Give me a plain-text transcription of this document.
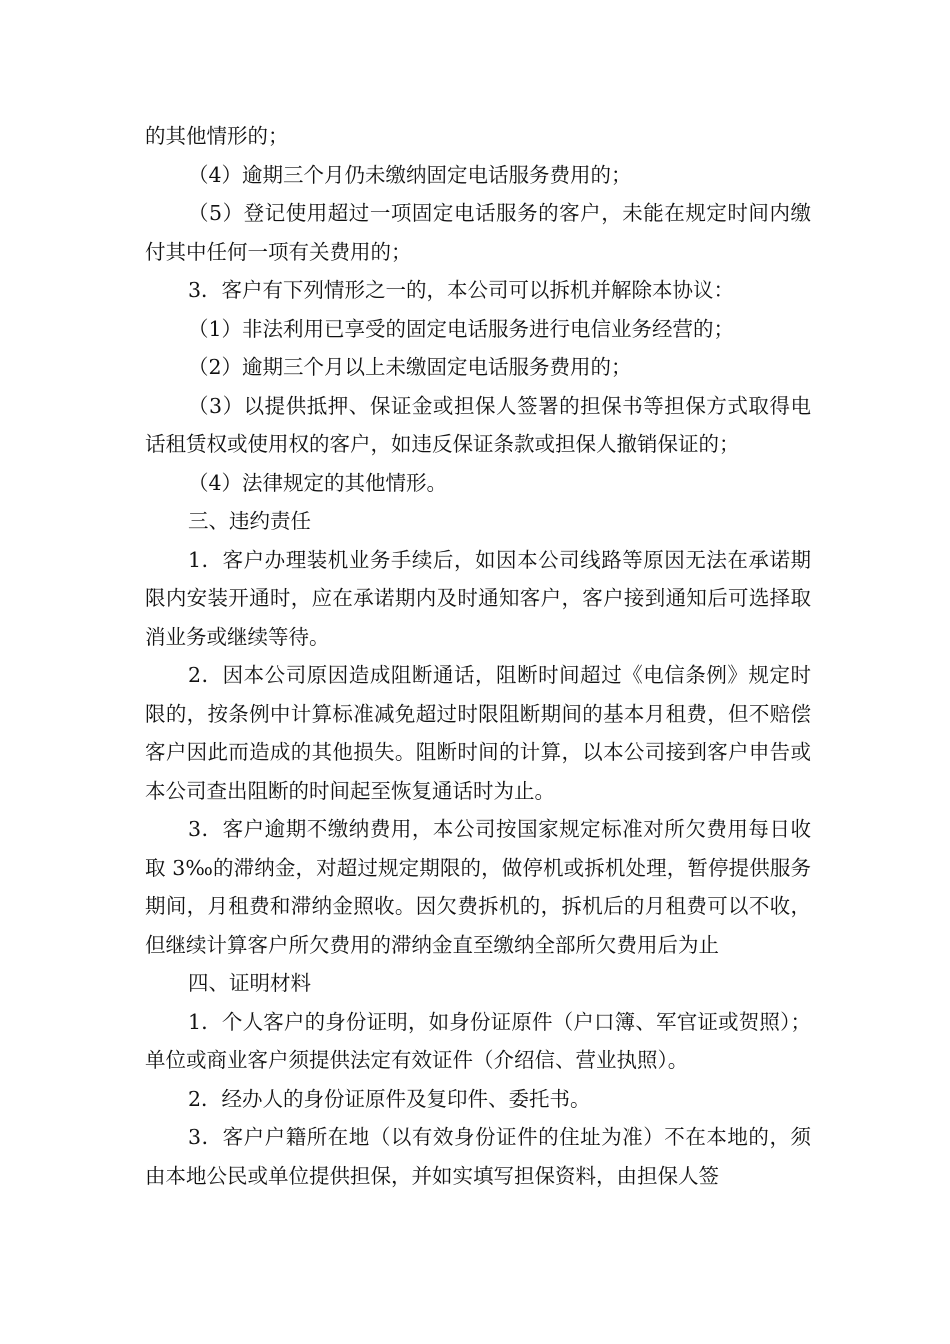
的其他情形的；

（4）逾期三个月仍未缴纳固定电话服务费用的；

（5）登记使用超过一项固定电话服务的客户，未能在规定时间内缴付其中任何一项有关费用的；

3．客户有下列情形之一的，本公司可以拆机并解除本协议：

（1）非法利用已享受的固定电话服务进行电信业务经营的；

（2）逾期三个月以上未缴固定电话服务费用的；

（3）以提供抵押、保证金或担保人签署的担保书等担保方式取得电话租赁权或使用权的客户，如违反保证条款或担保人撤销保证的；

（4）法律规定的其他情形。

三、违约责任

1．客户办理装机业务手续后，如因本公司线路等原因无法在承诺期限内安装开通时，应在承诺期内及时通知客户，客户接到通知后可选择取消业务或继续等待。

2．因本公司原因造成阻断通话，阻断时间超过《电信条例》规定时限的，按条例中计算标准减免超过时限阻断期间的基本月租费，但不赔偿客户因此而造成的其他损失。阻断时间的计算，以本公司接到客户申告或本公司查出阻断的时间起至恢复通话时为止。

3．客户逾期不缴纳费用，本公司按国家规定标准对所欠费用每日收取 3‰的滞纳金，对超过规定期限的，做停机或拆机处理，暂停提供服务期间，月租费和滞纳金照收。因欠费拆机的，拆机后的月租费可以不收，但继续计算客户所欠费用的滞纳金直至缴纳全部所欠费用后为止

四、证明材料

1．个人客户的身份证明，如身份证原件（户口簿、军官证或贺照）；单位或商业客户须提供法定有效证件（介绍信、营业执照）。

2．经办人的身份证原件及复印件、委托书。

3．客户户籍所在地（以有效身份证件的住址为准）不在本地的，须由本地公民或单位提供担保，并如实填写担保资料，由担保人签
